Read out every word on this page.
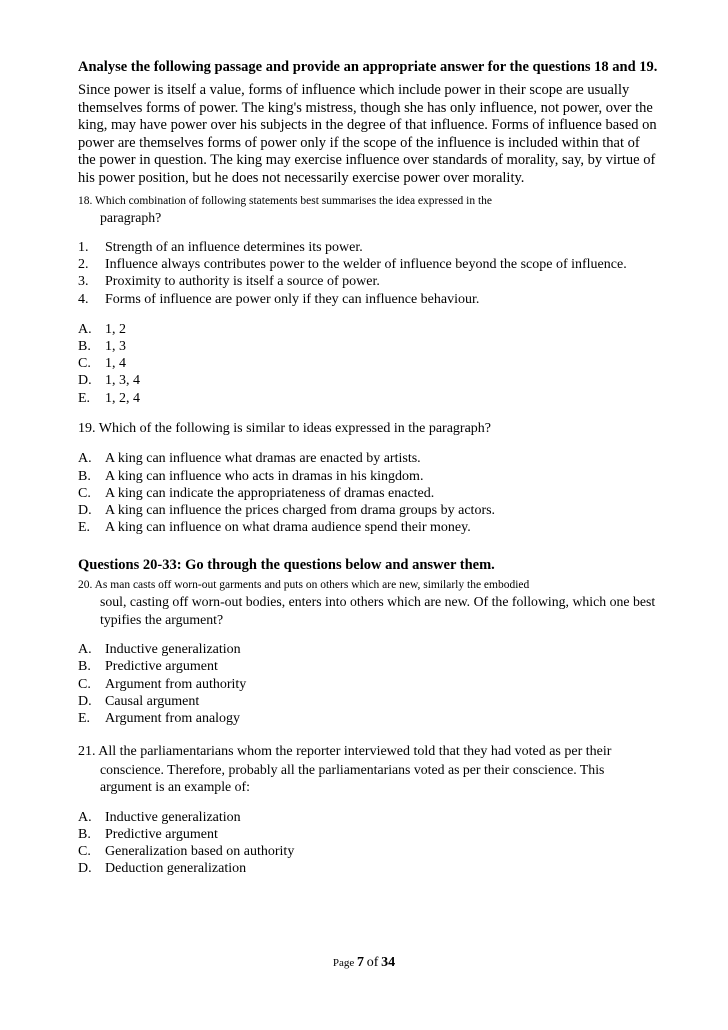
Analyse the following passage and provide an appropriate answer for the questions 18 and 19.

Since power is itself a value, forms of influence which include power in their scope are usually themselves forms of power. The king's mistress, though she has only influence, not power, over the king, may have power over his subjects in the degree of that influence. Forms of influence based on power are themselves forms of power only if the scope of the influence is included within that of the power in question. The king may exercise influence over standards of morality, say, by virtue of his power position, but he does not necessarily exercise power over morality.

18. Which combination of following statements best summarises the idea expressed in the

paragraph?

1.	Strength of an influence determines its power.
2.	Influence always contributes power to the welder of influence beyond the scope of influence.
3.	Proximity to authority is itself a source of power.
4.	Forms of influence are power only if they can influence behaviour.
A. 1, 2
B.	1, 3
C.	1, 4
D. 1, 3, 4
E.	1, 2, 4

19. Which of the following is similar to ideas expressed in the paragraph?

A. A king can influence what dramas are enacted by artists.
B.	A king can influence who acts in dramas in his kingdom.
C.	A king can indicate the appropriateness of dramas enacted.
D. A king can influence the prices charged from drama groups by actors.
E.	A king can influence on what drama audience spend their money.

Questions 20-33: Go through the questions below and answer them.

20. As man casts off worn-out garments and puts on others which are new, similarly the embodied

soul, casting off worn-out bodies, enters into others which are new. Of the following, which one best typifies the argument?

A. Inductive generalization
B.	Predictive argument
C.	Argument from authority
D. Causal argument
E.	Argument from analogy

21. All the parliamentarians whom the reporter interviewed told that they had voted as per their

conscience. Therefore, probably all the parliamentarians voted as per their conscience. This argument is an example of:

A. Inductive generalization
B.	Predictive argument
C.	Generalization based on authority
D. Deduction generalization
Page 7 of 34
